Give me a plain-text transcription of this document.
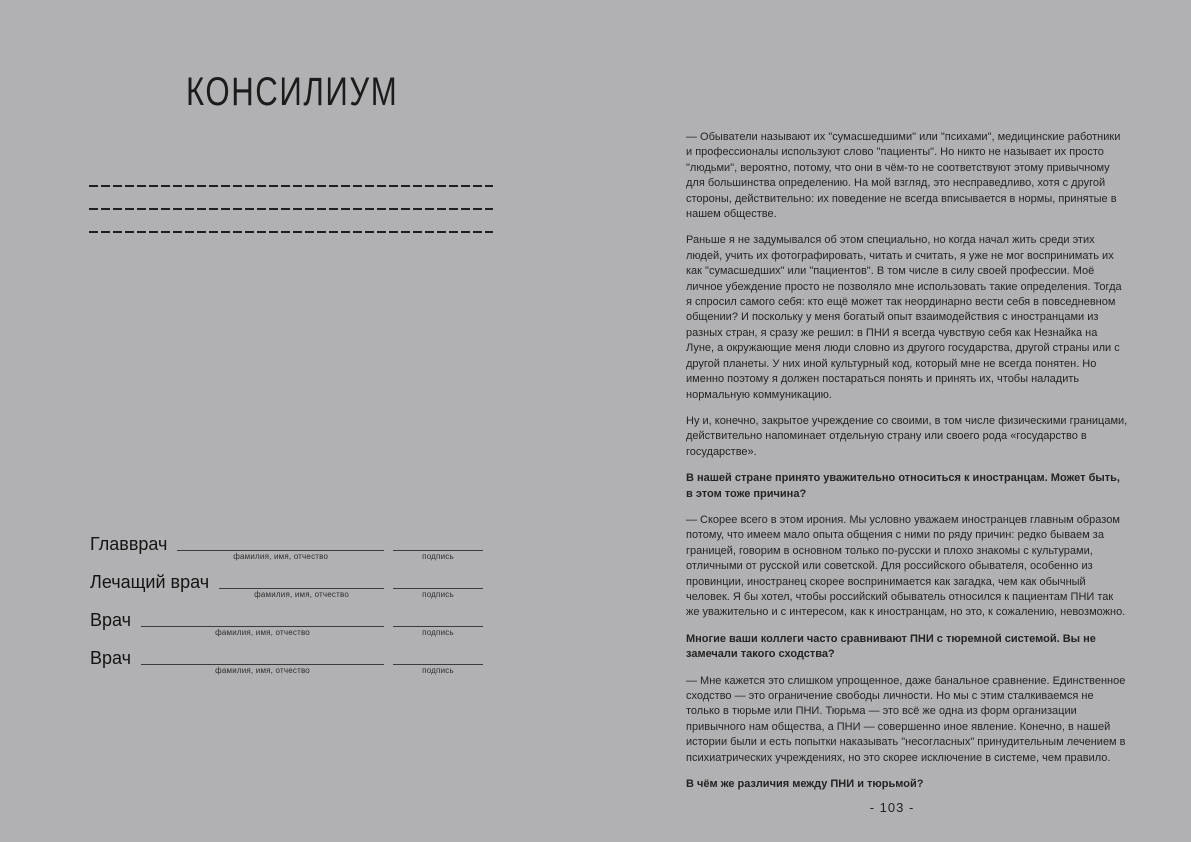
КОНСИЛИУМ
Главврач
фамилия, имя, отчество	подпись
Лечащий врач
фамилия, имя, отчество	подпись
Врач
фамилия, имя, отчество	подпись
Врач
фамилия, имя, отчество	подпись

— Обыватели называют их "сумасшедшими" или "психами", медицинские работники и профессионалы используют слово "пациенты". Но никто не называет их просто "людьми", вероятно, потому, что они в чём-то не соответствуют этому привычному для большинства определению. На мой взгляд, это несправедливо, хотя с другой стороны, действительно: их поведение не всегда вписывается в нормы, принятые в нашем обществе.

Раньше я не задумывался об этом специально, но когда начал жить среди этих людей, учить их фотографировать, читать и считать, я уже не мог воспринимать их как "сумасшедших" или "пациентов". В том числе в силу своей профессии. Моё личное убеждение просто не позволяло мне использовать такие определения. Тогда я спросил самого себя: кто ещё может так неординарно вести себя в повседневном общении? И поскольку у меня богатый опыт взаимодействия с иностранцами из разных стран, я сразу же решил: в ПНИ я всегда чувствую себя как Незнайка на Луне, а окружающие меня люди словно из другого государства, другой страны или с другой планеты. У них иной культурный код, который мне не всегда понятен. Но именно поэтому я должен постараться понять и принять их, чтобы наладить нормальную коммуникацию.

Ну и, конечно, закрытое учреждение со своими, в том числе физическими границами, действительно напоминает отдельную страну или своего рода «государство в государстве».

В нашей стране принято уважительно относиться к иностранцам. Может быть, в этом тоже причина?

— Скорее всего в этом ирония. Мы условно уважаем иностранцев главным образом потому, что имеем мало опыта общения с ними по ряду причин: редко бываем за границей, говорим в основном только по-русски и плохо знакомы с культурами, отличными от русской или советской. Для российского обывателя, особенно из провинции, иностранец скорее воспринимается как загадка, чем как обычный человек. Я бы хотел, чтобы российский обыватель относился к пациентам ПНИ так же уважительно и с интересом, как к иностранцам, но это, к сожалению, невозможно.

Многие ваши коллеги часто сравнивают ПНИ с тюремной системой. Вы не замечали такого сходства?

— Мне кажется это слишком упрощенное, даже банальное сравнение. Единственное сходство — это ограничение свободы личности. Но мы с этим сталкиваемся не только в тюрьме или ПНИ. Тюрьма — это всё же одна из форм организации привычного нам общества, а ПНИ — совершенно иное явление. Конечно, в нашей истории были и есть попытки наказывать "несогласных" принудительным лечением в психиатрических учреждениях, но это скорее исключение в системе, чем правило.

В чём же различия между ПНИ и тюрьмой?

- 103 -
